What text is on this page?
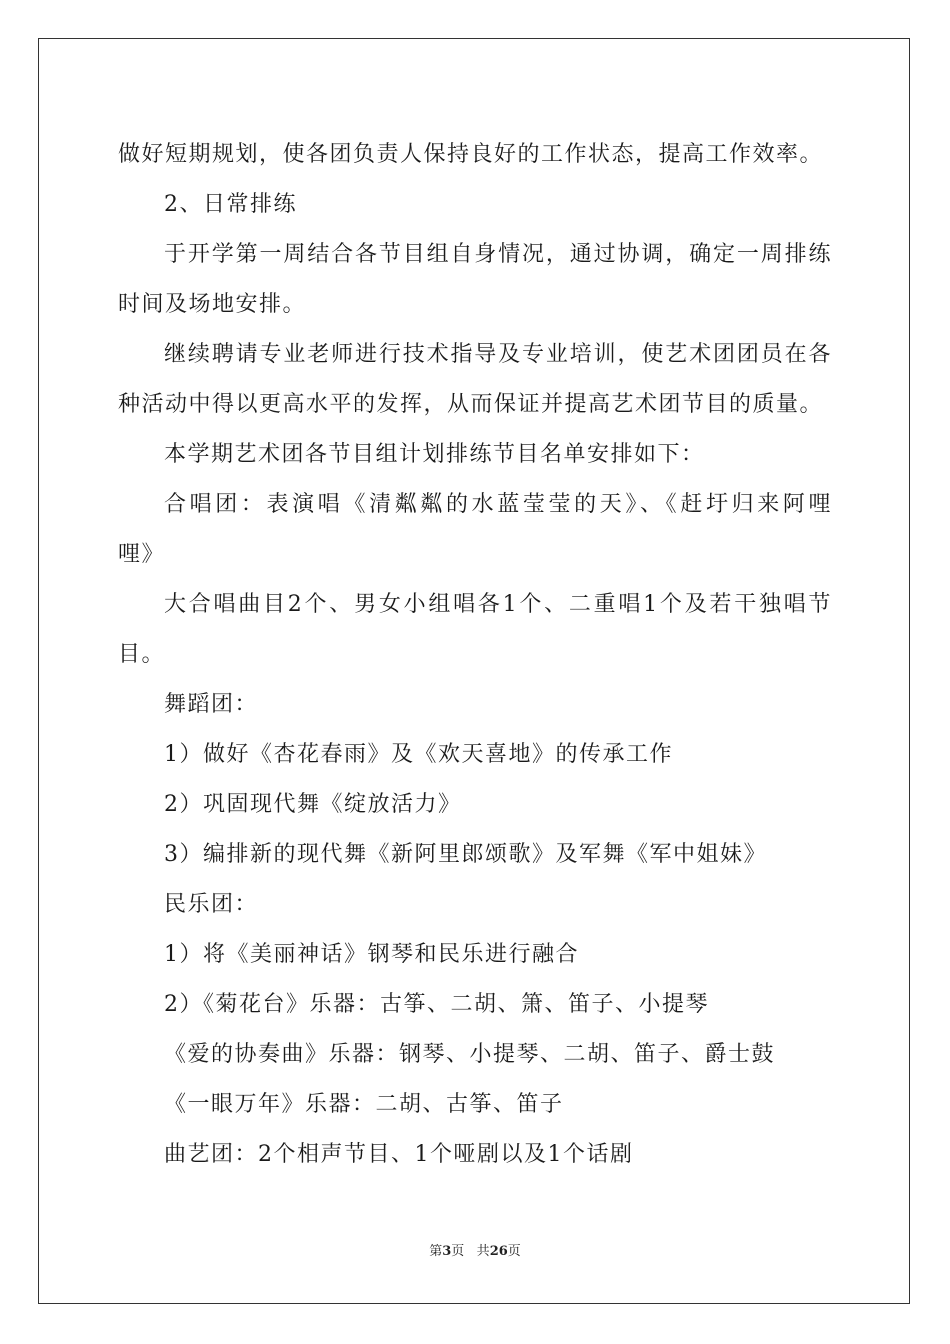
做好短期规划，使各团负责人保持良好的工作状态，提高工作效率。
2、日常排练
于开学第一周结合各节目组自身情况，通过协调，确定一周排练
时间及场地安排。
继续聘请专业老师进行技术指导及专业培训，使艺术团团员在各
种活动中得以更高水平的发挥，从而保证并提高艺术团节目的质量。
本学期艺术团各节目组计划排练节目名单安排如下：
合唱团：表演唱《清粼粼的水蓝莹莹的天》、《赶圩归来阿哩
哩》
大合唱曲目2个、男女小组唱各1个、二重唱1个及若干独唱节
目。
舞蹈团：
1）做好《杏花春雨》及《欢天喜地》的传承工作
2）巩固现代舞《绽放活力》
3）编排新的现代舞《新阿里郎颂歌》及军舞《军中姐妹》
民乐团：
1）将《美丽神话》钢琴和民乐进行融合
2）《菊花台》乐器：古筝、二胡、箫、笛子、小提琴
《爱的协奏曲》乐器：钢琴、小提琴、二胡、笛子、爵士鼓
《一眼万年》乐器：二胡、古筝、笛子
曲艺团：2个相声节目、1个哑剧以及1个话剧
第3页 共26页
